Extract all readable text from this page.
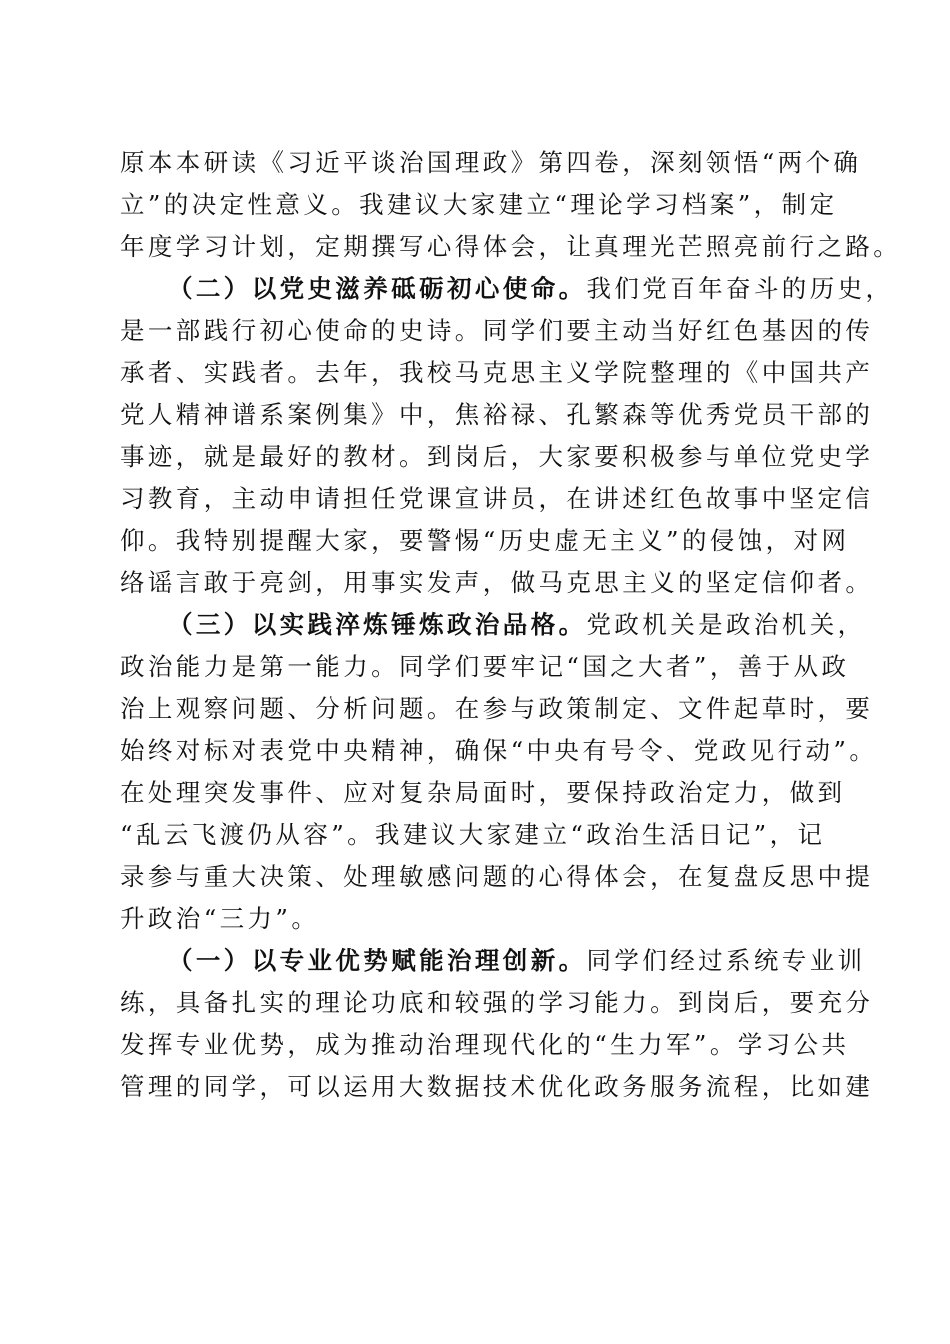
原本本研读《习近平谈治国理政》第四卷，深刻领悟“两个确
立”的决定性意义。我建议大家建立“理论学习档案”，制定
年度学习计划，定期撰写心得体会，让真理光芒照亮前行之路。
（二）以党史滋养砥砺初心使命。我们党百年奋斗的历史，
是一部践行初心使命的史诗。同学们要主动当好红色基因的传
承者、实践者。去年，我校马克思主义学院整理的《中国共产
党人精神谱系案例集》中，焦裕禄、孔繁森等优秀党员干部的
事迹，就是最好的教材。到岗后，大家要积极参与单位党史学
习教育，主动申请担任党课宣讲员，在讲述红色故事中坚定信
仰。我特别提醒大家，要警惕“历史虚无主义”的侵蚀，对网
络谣言敢于亮剑，用事实发声，做马克思主义的坚定信仰者。
（三）以实践淬炼锤炼政治品格。党政机关是政治机关，
政治能力是第一能力。同学们要牢记“国之大者”，善于从政
治上观察问题、分析问题。在参与政策制定、文件起草时，要
始终对标对表党中央精神，确保“中央有号令、党政见行动”。
在处理突发事件、应对复杂局面时，要保持政治定力，做到
“乱云飞渡仍从容”。我建议大家建立“政治生活日记”，记
录参与重大决策、处理敏感问题的心得体会，在复盘反思中提
升政治“三力”。
（一）以专业优势赋能治理创新。同学们经过系统专业训
练，具备扎实的理论功底和较强的学习能力。到岗后，要充分
发挥专业优势，成为推动治理现代化的“生力军”。学习公共
管理的同学，可以运用大数据技术优化政务服务流程，比如建
